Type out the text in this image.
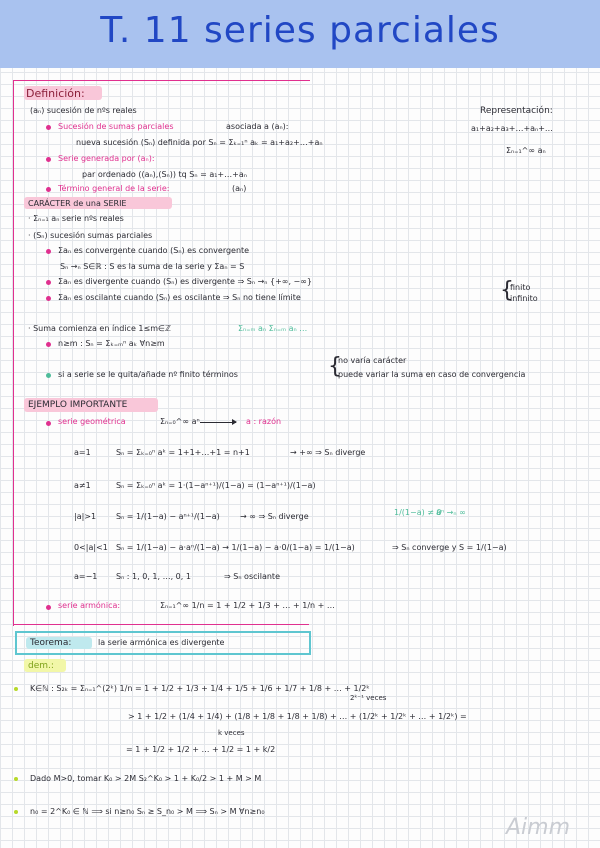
T. 11 series parciales
Definición:
(aₙ) sucesión de nºs reales	Representación:
a₁+a₂+a₃+…+aₙ+…
Σₙ₌₁^∞ aₙ
Sucesión de sumas parciales	asociada a (aₙ):
nueva sucesión (Sₙ) definida por Sₙ = Σₖ₌₁ⁿ aₖ = a₁+a₂+…+aₙ
Serie generada por (aₙ):
par ordenado ((aₙ),(Sₙ)) tq Sₙ = a₁+…+aₙ
Término general de la serie:	(aₙ)
CARÁCTER de una SERIE
· Σₙ₌₁ aₙ serie nºs reales
· (Sₙ) sucesión sumas parciales
Σaₙ es convergente cuando (Sₙ) es convergente
Sₙ →ₙ S∈ℝ : S es la suma de la serie y Σaₙ = S
Σaₙ es divergente cuando (Sₙ) es divergente ⇒ Sₙ →ₙ {+∞, −∞}
Σaₙ es oscilante cuando (Sₙ) es oscilante ⇒ Sₙ no tiene límite	{
finito
infinito
· Suma comienza en índice 1≤m∈ℤ	Σₙ₌ₘ aₙ Σₙ₌ₘ aₙ …
n≥m : Sₙ = Σₖ₌ₘⁿ aₖ ∀n≥m
si a serie se le quita/añade nº finito términos	{
no varía carácter
puede variar la suma en caso de convergencia
EJEMPLO IMPORTANTE
serie geométrica	Σₙ₌₀^∞ aⁿ	a : razón
a=1	Sₙ = Σₖ₌₀ⁿ aᵏ = 1+1+…+1 = n+1	→ +∞ ⇒ Sₙ diverge
a≠1	Sₙ = Σₖ₌₀ⁿ aᵏ = 1·(1−aⁿ⁺¹)/(1−a) = (1−aⁿ⁺¹)/(1−a)
|a|>1 Sₙ = 1/(1−a) − aⁿ⁺¹/(1−a)	→ ∞ ⇒ Sₙ diverge	1/(1−a) ≠ 0
aⁿ →ₙ ∞
0<|a|<1 Sₙ = 1/(1−a) − a·aⁿ/(1−a) → 1/(1−a) − a·0/(1−a) = 1/(1−a)	⇒ Sₙ converge y S = 1/(1−a)
a=−1 Sₙ : 1, 0, 1, …, 0, 1	⇒ Sₙ oscilante
serie armónica:	Σₙ₌₁^∞ 1/n = 1 + 1/2 + 1/3 + … + 1/n + …
Teorema:	la serie armónica es divergente
dem.:
K∈ℕ : S₂ₖ = Σₙ₌₁^(2ᵏ) 1/n = 1 + 1/2 + 1/3 + 1/4 + 1/5 + 1/6 + 1/7 + 1/8 + … + 1/2ᵏ
2ᵏ⁻¹ veces
> 1 + 1/2 + (1/4 + 1/4) + (1/8 + 1/8 + 1/8 + 1/8) + … + (1/2ᵏ + 1/2ᵏ + … + 1/2ᵏ) =
k veces
= 1 + 1/2 + 1/2 + … + 1/2 = 1 + k/2
Dado M>0, tomar K₀ > 2M S₂^K₀ > 1 + K₀/2 > 1 + M > M
n₀ = 2^K₀ ∈ ℕ ⟹ si n≥n₀ Sₙ ≥ S_n₀ > M ⟹ Sₙ > M ∀n≥n₀
Aimm
